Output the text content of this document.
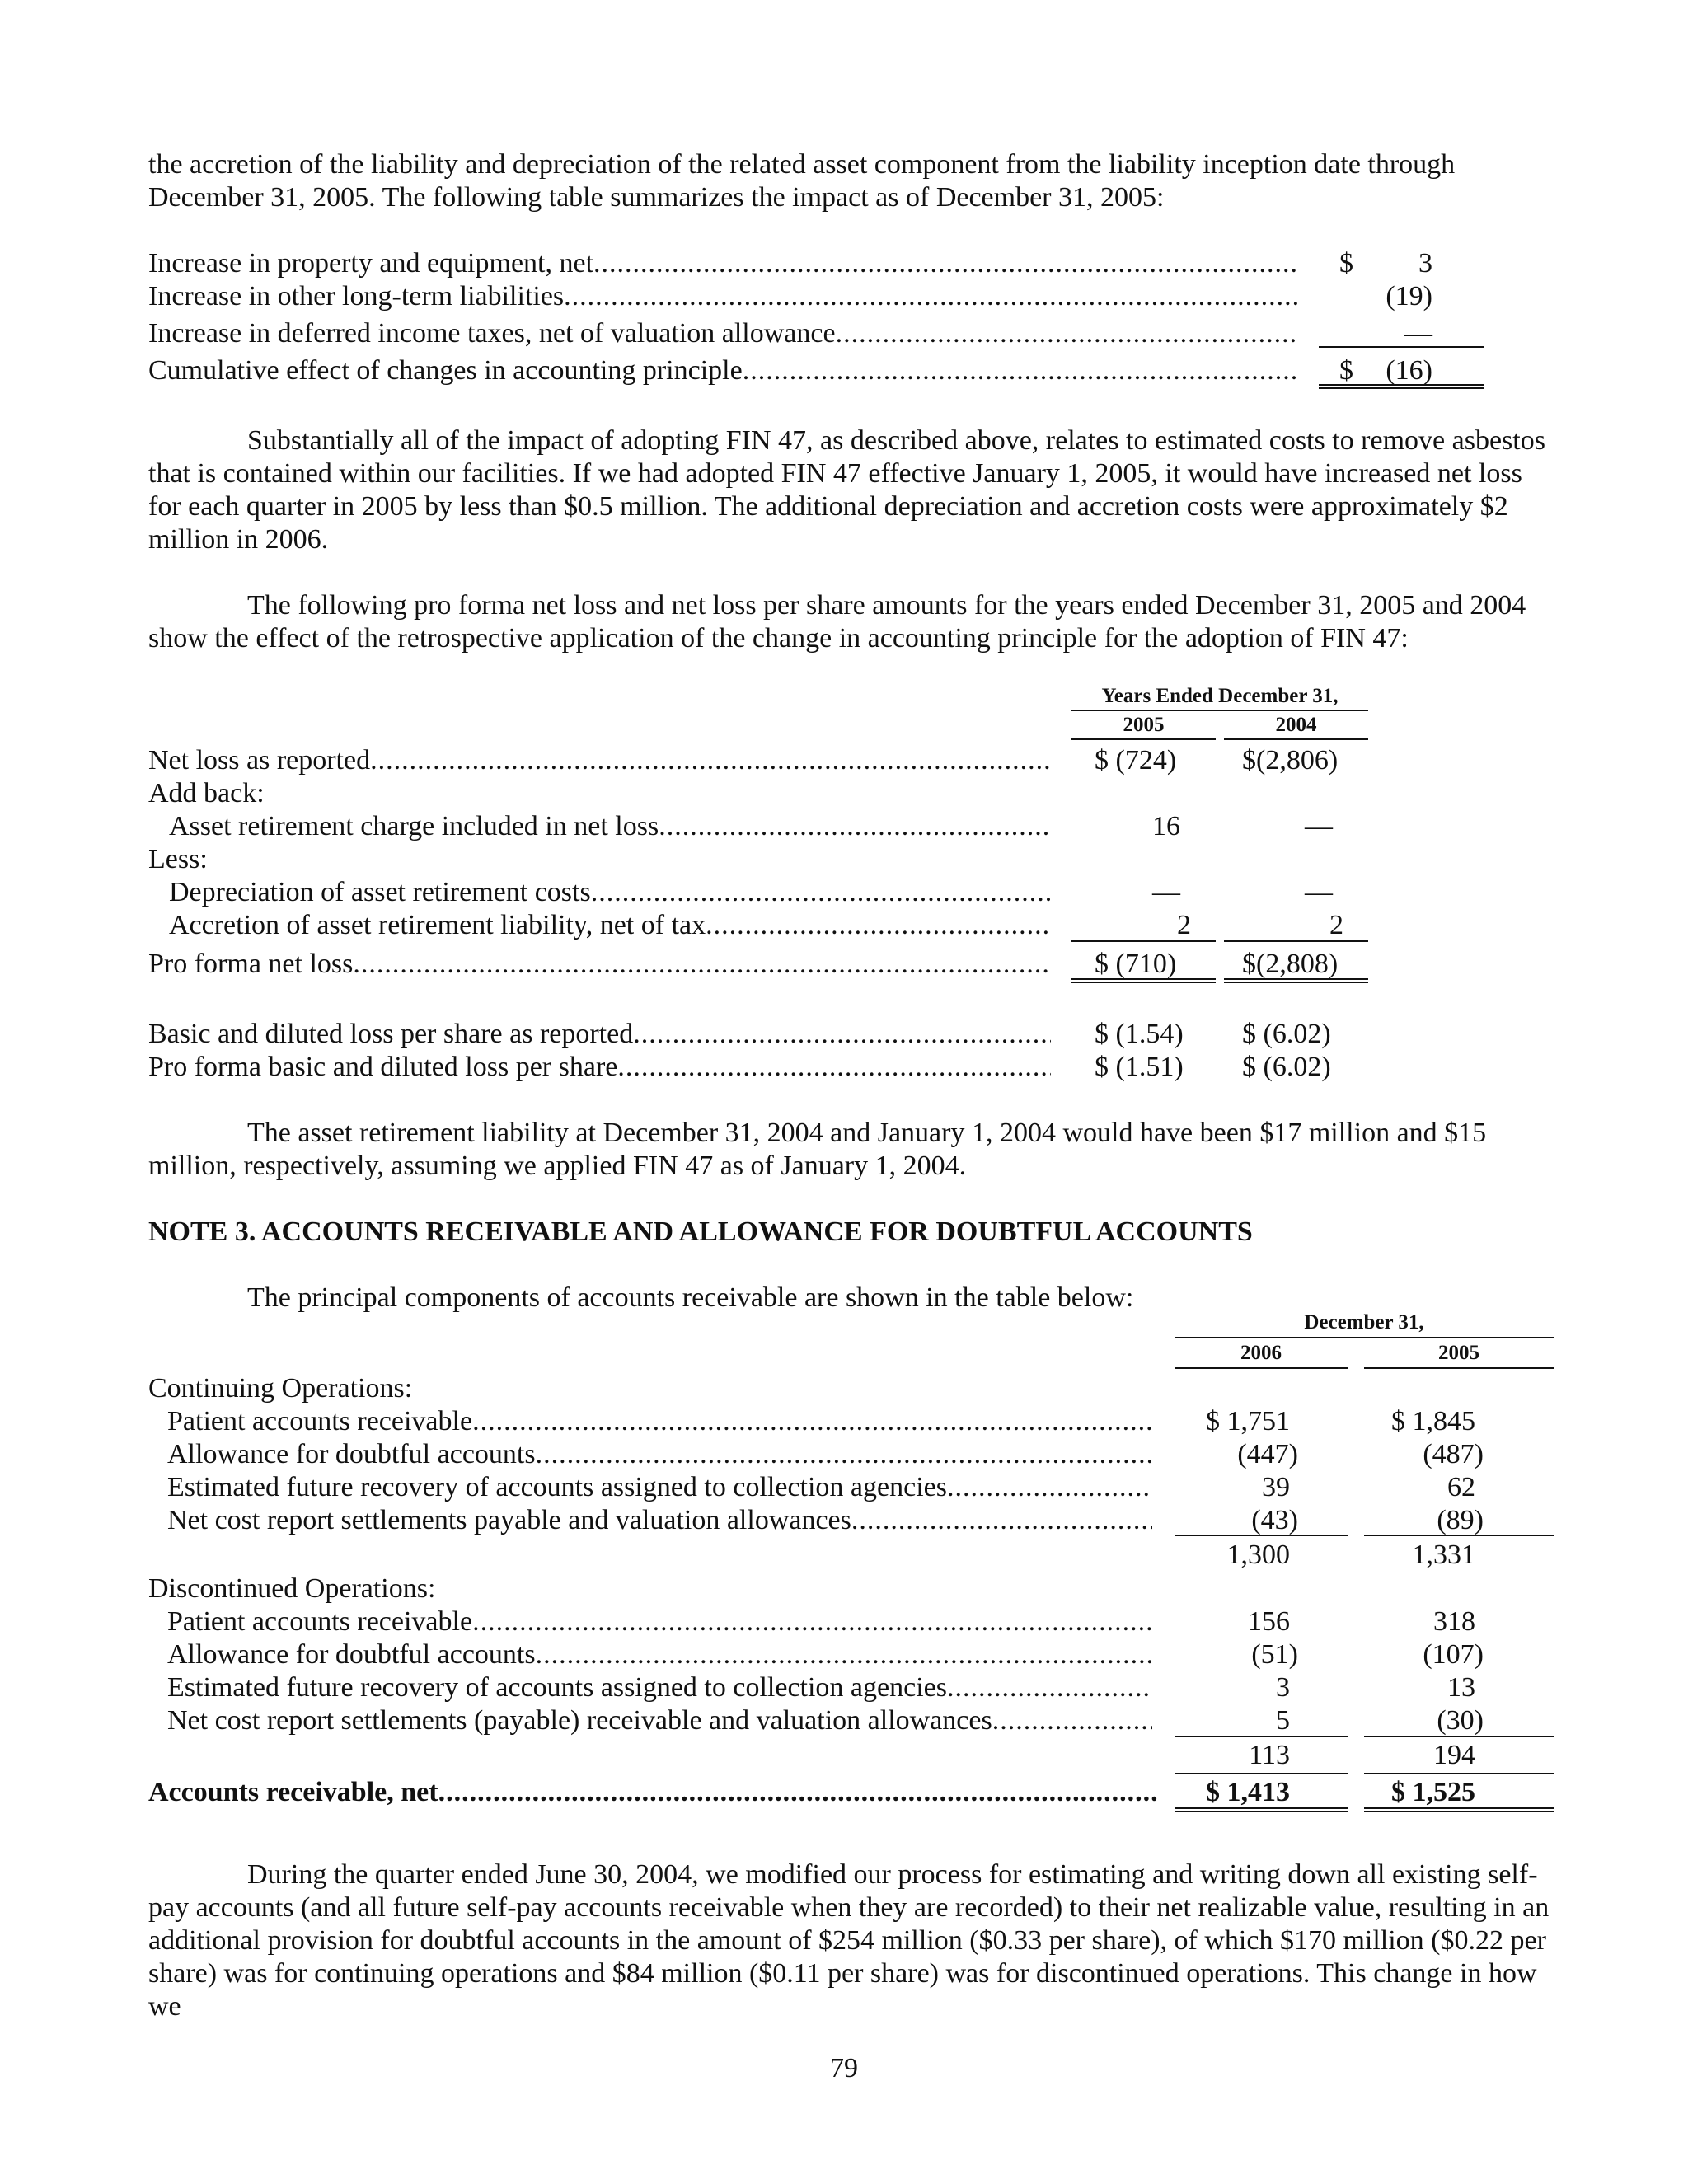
the accretion of the liability and depreciation of the related asset component from the liability inception date through December 31, 2005. The following table summarizes the impact as of December 31, 2005:

Increase in property and equipment, net .....	$	3
Increase in other long-term liabilities .....	(19)
Increase in deferred income taxes, net of valuation allowance .....	—
Cumulative effect of changes in accounting principle .....	$	(16)

Substantially all of the impact of adopting FIN 47, as described above, relates to estimated costs to remove asbestos that is contained within our facilities. If we had adopted FIN 47 effective January 1, 2005, it would have increased net loss for each quarter in 2005 by less than $0.5 million. The additional depreciation and accretion costs were approximately $2 million in 2006.

The following pro forma net loss and net loss per share amounts for the years ended December 31, 2005 and 2004 show the effect of the retrospective application of the change in accounting principle for the adoption of FIN 47:

Years Ended December 31,
2005	2004
Net loss as reported .....	$ (724) $(2,806)
Add back:
Asset retirement charge included in net loss .....	16	—
Less:
Depreciation of asset retirement costs .....	—	—
Accretion of asset retirement liability, net of tax .....	2	2
Pro forma net loss .....	$ (710) $(2,808)
Basic and diluted loss per share as reported .....	$ (1.54) $ (6.02)
Pro forma basic and diluted loss per share .....	$ (1.51) $ (6.02)

The asset retirement liability at December 31, 2004 and January 1, 2004 would have been $17 million and $15 million, respectively, assuming we applied FIN 47 as of January 1, 2004.

NOTE 3. ACCOUNTS RECEIVABLE AND ALLOWANCE FOR DOUBTFUL ACCOUNTS
The principal components of accounts receivable are shown in the table below:
December 31,
2006	2005
Continuing Operations:
Patient accounts receivable .....	$ 1,751	$ 1,845
Allowance for doubtful accounts .....	(447)	(487)
Estimated future recovery of accounts assigned to collection agencies .....	39	62
Net cost report settlements payable and valuation allowances .....	(43)	(89)
1,300	1,331
Discontinued Operations:
Patient accounts receivable .....	156	318
Allowance for doubtful accounts .....	(51)	(107)
Estimated future recovery of accounts assigned to collection agencies .....	3	13
Net cost report settlements (payable) receivable and valuation allowances .....	5	(30)
113	194
Accounts receivable, net .....	$ 1,413	$ 1,525

During the quarter ended June 30, 2004, we modified our process for estimating and writing down all existing self-pay accounts (and all future self-pay accounts receivable when they are recorded) to their net realizable value, resulting in an additional provision for doubtful accounts in the amount of $254 million ($0.33 per share), of which $170 million ($0.22 per share) was for continuing operations and $84 million ($0.11 per share) was for discontinued operations. This change in how we

79
